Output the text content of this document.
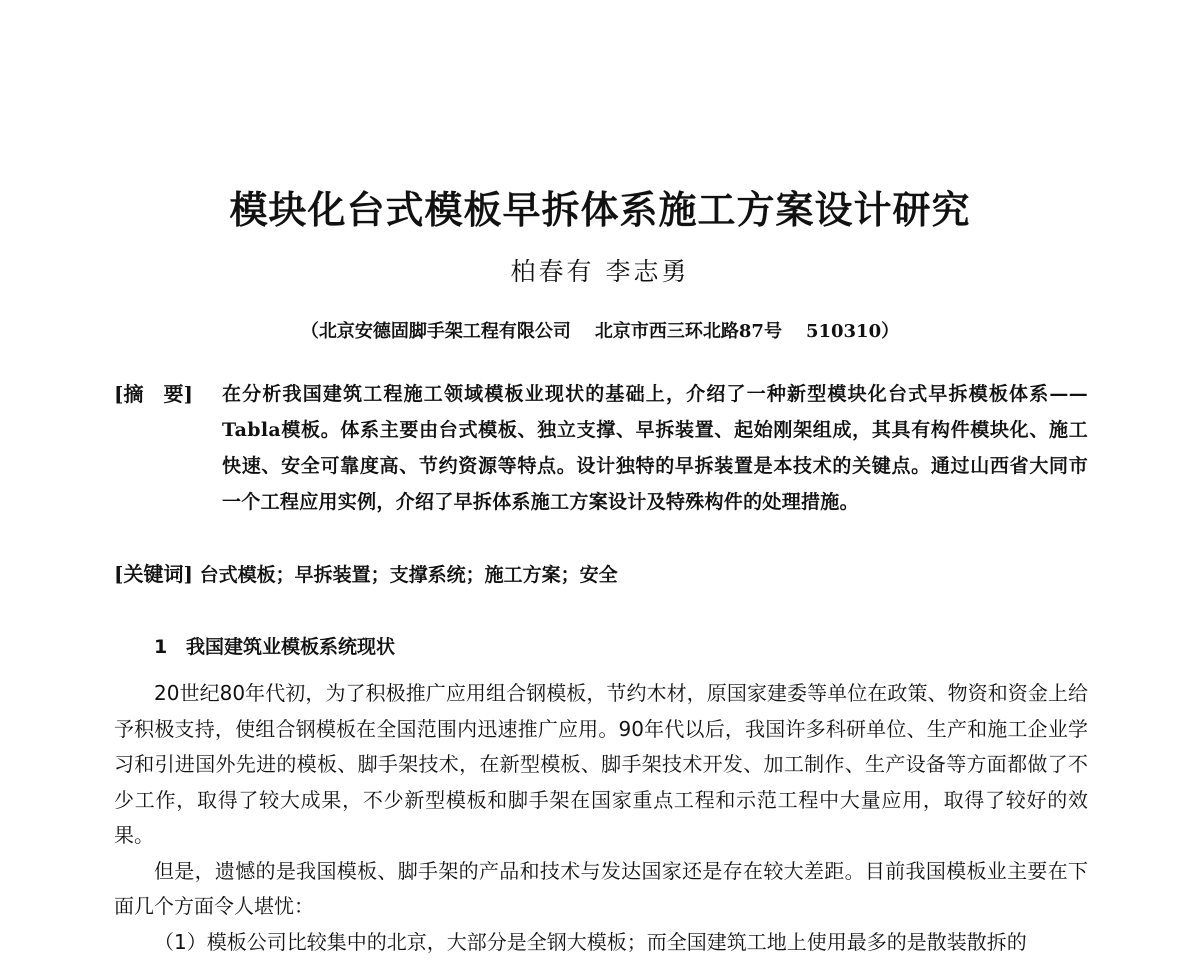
模块化台式模板早拆体系施工方案设计研究
柏春有 李志勇
（北京安德固脚手架工程有限公司 北京市西三环北路87号 510310）
[摘　要] 在分析我国建筑工程施工领域模板业现状的基础上，介绍了一种新型模块化台式早拆模板体系——Tabla模板。体系主要由台式模板、独立支撑、早拆装置、起始刚架组成，其具有构件模块化、施工快速、安全可靠度高、节约资源等特点。设计独特的早拆装置是本技术的关键点。通过山西省大同市一个工程应用实例，介绍了早拆体系施工方案设计及特殊构件的处理措施。
[关键词] 台式模板；早拆装置；支撑系统；施工方案；安全
1 我国建筑业模板系统现状

20世纪80年代初，为了积极推广应用组合钢模板，节约木材，原国家建委等单位在政策、物资和资金上给予积极支持，使组合钢模板在全国范围内迅速推广应用。90年代以后，我国许多科研单位、生产和施工企业学习和引进国外先进的模板、脚手架技术，在新型模板、脚手架技术开发、加工制作、生产设备等方面都做了不少工作，取得了较大成果，不少新型模板和脚手架在国家重点工程和示范工程中大量应用，取得了较好的效果。

但是，遗憾的是我国模板、脚手架的产品和技术与发达国家还是存在较大差距。目前我国模板业主要在下面几个方面令人堪忧：

（1）模板公司比较集中的北京，大部分是全钢大模板；而全国建筑工地上使用最多的是散装散拆的
